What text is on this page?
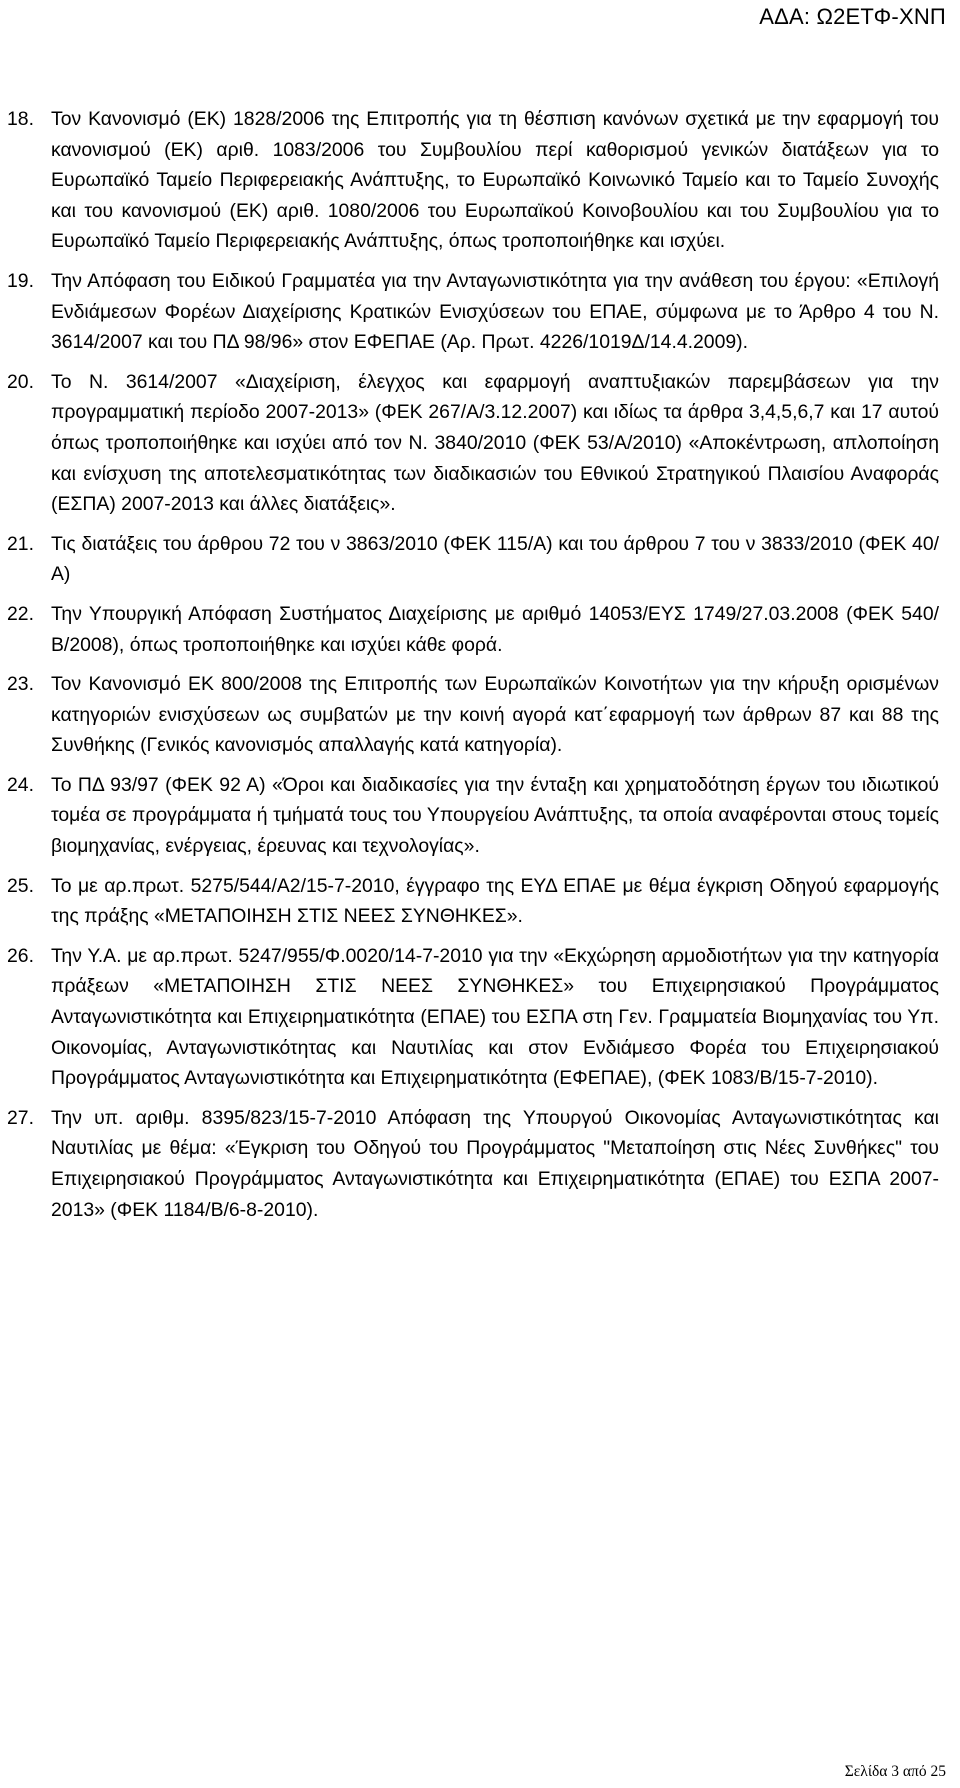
ΑΔΑ: Ω2ΕΤΦ-ΧΝΠ
18. Τον Κανονισμό (ΕΚ) 1828/2006 της Επιτροπής για τη θέσπιση κανόνων σχετικά με την εφαρμογή του κανονισμού (ΕΚ) αριθ. 1083/2006 του Συμβουλίου περί καθορισμού γενικών διατάξεων για το Ευρωπαϊκό Ταμείο Περιφερειακής Ανάπτυξης, το Ευρωπαϊκό Κοινωνικό Ταμείο και το Ταμείο Συνοχής και του κανονισμού (ΕΚ) αριθ. 1080/2006 του Ευρωπαϊκού Κοινοβουλίου και του Συμβουλίου για το Ευρωπαϊκό Ταμείο Περιφερειακής Ανάπτυξης, όπως τροποποιήθηκε και ισχύει.
19. Την Απόφαση του Ειδικού Γραμματέα για την Ανταγωνιστικότητα για την ανάθεση του έργου: «Επιλογή Ενδιάμεσων Φορέων Διαχείρισης Κρατικών Ενισχύσεων του ΕΠΑΕ, σύμφωνα με το Άρθρο 4 του Ν. 3614/2007 και του ΠΔ 98/96» στον ΕΦΕΠΑΕ (Αρ. Πρωτ. 4226/1019Δ/14.4.2009).
20. Το Ν. 3614/2007 «Διαχείριση, έλεγχος και εφαρμογή αναπτυξιακών παρεμβάσεων για την προγραμματική περίοδο 2007-2013» (ΦΕΚ 267/Α/3.12.2007) και ιδίως τα άρθρα 3,4,5,6,7 και 17 αυτού όπως τροποποιήθηκε και ισχύει από τον Ν. 3840/2010 (ΦΕΚ 53/Α/2010) «Αποκέντρωση, απλοποίηση και ενίσχυση της αποτελεσματικότητας των διαδικασιών του Εθνικού Στρατηγικού Πλαισίου Αναφοράς (ΕΣΠΑ) 2007-2013 και άλλες διατάξεις».
21. Τις διατάξεις του άρθρου 72 του ν 3863/2010 (ΦΕΚ 115/Α) και του άρθρου 7 του ν 3833/2010 (ΦΕΚ 40/Α)
22. Την Υπουργική Απόφαση Συστήματος Διαχείρισης με αριθμό 14053/ΕΥΣ 1749/27.03.2008 (ΦΕΚ 540/Β/2008), όπως τροποποιήθηκε και ισχύει κάθε φορά.
23. Τον Κανονισμό ΕΚ 800/2008 της Επιτροπής των Ευρωπαϊκών Κοινοτήτων για την κήρυξη ορισμένων κατηγοριών ενισχύσεων ως συμβατών με την κοινή αγορά κατ΄εφαρμογή των άρθρων 87 και 88 της Συνθήκης (Γενικός κανονισμός απαλλαγής κατά κατηγορία).
24. Το ΠΔ 93/97 (ΦΕΚ 92 Α) «Όροι και διαδικασίες για την ένταξη και χρηματοδότηση έργων του ιδιωτικού τομέα σε προγράμματα ή τμήματά τους του Υπουργείου Ανάπτυξης, τα οποία αναφέρονται στους τομείς βιομηχανίας, ενέργειας, έρευνας και τεχνολογίας».
25. Το με αρ.πρωτ. 5275/544/Α2/15-7-2010, έγγραφο της ΕΥΔ ΕΠΑΕ με θέμα έγκριση Οδηγού εφαρμογής της πράξης «ΜΕΤΑΠΟΙΗΣΗ ΣΤΙΣ ΝΕΕΣ ΣΥΝΘΗΚΕΣ».
26. Την Υ.Α. με αρ.πρωτ. 5247/955/Φ.0020/14-7-2010 για την «Εκχώρηση αρμοδιοτήτων για την κατηγορία πράξεων «ΜΕΤΑΠΟΙΗΣΗ ΣΤΙΣ ΝΕΕΣ ΣΥΝΘΗΚΕΣ» του Επιχειρησιακού Προγράμματος Ανταγωνιστικότητα και Επιχειρηματικότητα (ΕΠΑΕ) του ΕΣΠΑ στη Γεν. Γραμματεία Βιομηχανίας του Υπ. Οικονομίας, Ανταγωνιστικότητας και Ναυτιλίας και στον Ενδιάμεσο Φορέα του Επιχειρησιακού Προγράμματος Ανταγωνιστικότητα και Επιχειρηματικότητα (ΕΦΕΠΑΕ), (ΦΕΚ 1083/Β/15-7-2010).
27. Την υπ. αριθμ. 8395/823/15-7-2010 Απόφαση της Υπουργού Οικονομίας Ανταγωνιστικότητας και Ναυτιλίας με θέμα: «Έγκριση του Οδηγού του Προγράμματος "Μεταποίηση στις Νέες Συνθήκες" του Επιχειρησιακού Προγράμματος Ανταγωνιστικότητα και Επιχειρηματικότητα (ΕΠΑΕ) του ΕΣΠΑ 2007-2013» (ΦΕΚ 1184/Β/6-8-2010).
Σελίδα 3 από 25
